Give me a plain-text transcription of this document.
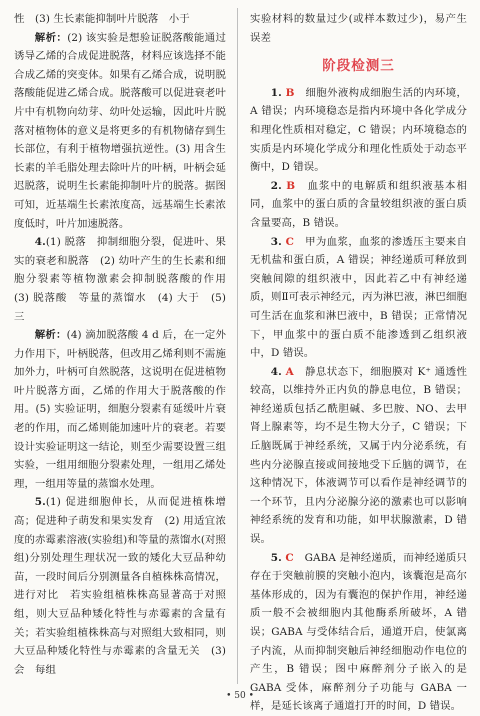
性　(3) 生长素能抑制叶片脱落　小于

解析：(2) 该实验是想验证脱落酸能通过诱导乙烯的合成促进脱落，材料应该选择不能合成乙烯的突变体。如果有乙烯合成，说明脱落酸能促进乙烯合成。脱落酸可以促进衰老叶片中有机物向幼芽、幼叶处运输，因此叶片脱落对植物体的意义是将更多的有机物储存到生长部位，有利于植物增强抗逆性。(3) 用含生长素的羊毛脂处理去除叶片的叶柄，叶柄会延迟脱落，说明生长素能抑制叶片的脱落。据图可知，近基端生长素浓度高，远基端生长素浓度低时，叶片加速脱落。

4.(1) 脱落　抑制细胞分裂，促进叶、果实的衰老和脱落　(2) 幼叶产生的生长素和细胞分裂素等植物激素会抑制脱落酸的作用　(3) 脱落酸　等量的蒸馏水　(4) 大于　(5) 三

解析：(4) 滴加脱落酸 4 d 后，在一定外力作用下，叶柄脱落，但改用乙烯利则不需施加外力，叶柄可自然脱落，这说明在促进植物叶片脱落方面，乙烯的作用大于脱落酸的作用。(5) 实验证明，细胞分裂素有延缓叶片衰老的作用，而乙烯则能加速叶片的衰老。若要设计实验证明这一结论，则至少需要设置三组实验，一组用细胞分裂素处理，一组用乙烯处理，一组用等量的蒸馏水处理。

5.(1) 促进细胞伸长，从而促进植株增高；促进种子萌发和果实发育　(2) 用适宜浓度的赤霉素溶液(实验组)和等量的蒸馏水(对照组)分别处理生理状况一致的矮化大豆品种幼苗，一段时间后分别测量各自植株株高情况，进行对比　若实验组植株株高显著高于对照组，则大豆品种矮化特性与赤霉素的含量有关；若实验组植株株高与对照组大致相同，则大豆品种矮化特性与赤霉素的含量无关　(3) 会　每组

实验材料的数量过少(或样本数过少)，易产生误差

阶段检测三

1. B　 细胞外液构成细胞生活的内环境，A 错误；内环境稳态是指内环境中各化学成分和理化性质相对稳定，C 错误；内环境稳态的实质是内环境化学成分和理化性质处于动态平衡中，D 错误。

2. B　 血浆中的电解质和组织液基本相同，血浆中的蛋白质的含量较组织液的蛋白质含量要高，B 错误。

3. C　 甲为血浆，血浆的渗透压主要来自无机盐和蛋白质，A 错误；神经递质可释放到突触间隙的组织液中，因此若乙中有神经递质，则Ⅱ可表示神经元，丙为淋巴液，淋巴细胞可生活在血浆和淋巴液中，B 错误；正常情况下，甲血浆中的蛋白质不能渗透到乙组织液中，D 错误。

4. A　 静息状态下，细胞膜对 K⁺ 通透性较高，以维持外正内负的静息电位，B 错误；神经递质包括乙酰胆碱、多巴胺、NO、去甲肾上腺素等，均不是生物大分子，C 错误；下丘脑既属于神经系统，又属于内分泌系统，有些内分泌腺直接或间接地受下丘脑的调节，在这种情况下，体液调节可以看作是神经调节的一个环节，且内分泌腺分泌的激素也可以影响神经系统的发育和功能，如甲状腺激素，D 错误。

5. C　 GABA 是神经递质，而神经递质只存在于突触前膜的突触小泡内，该囊泡是高尔基体形成的，因为有囊泡的保护作用，神经递质一般不会被细胞内其他酶系所破坏，A 错误；GABA 与受体结合后，通道开启，使氯离子内流，从而抑制突触后神经细胞动作电位的产生，B 错误；图中麻醉剂分子嵌入的是 GABA 受体，麻醉剂分子功能与 GABA 一样，是延长该离子通道打开的时间，D 错误。

• 50 •
